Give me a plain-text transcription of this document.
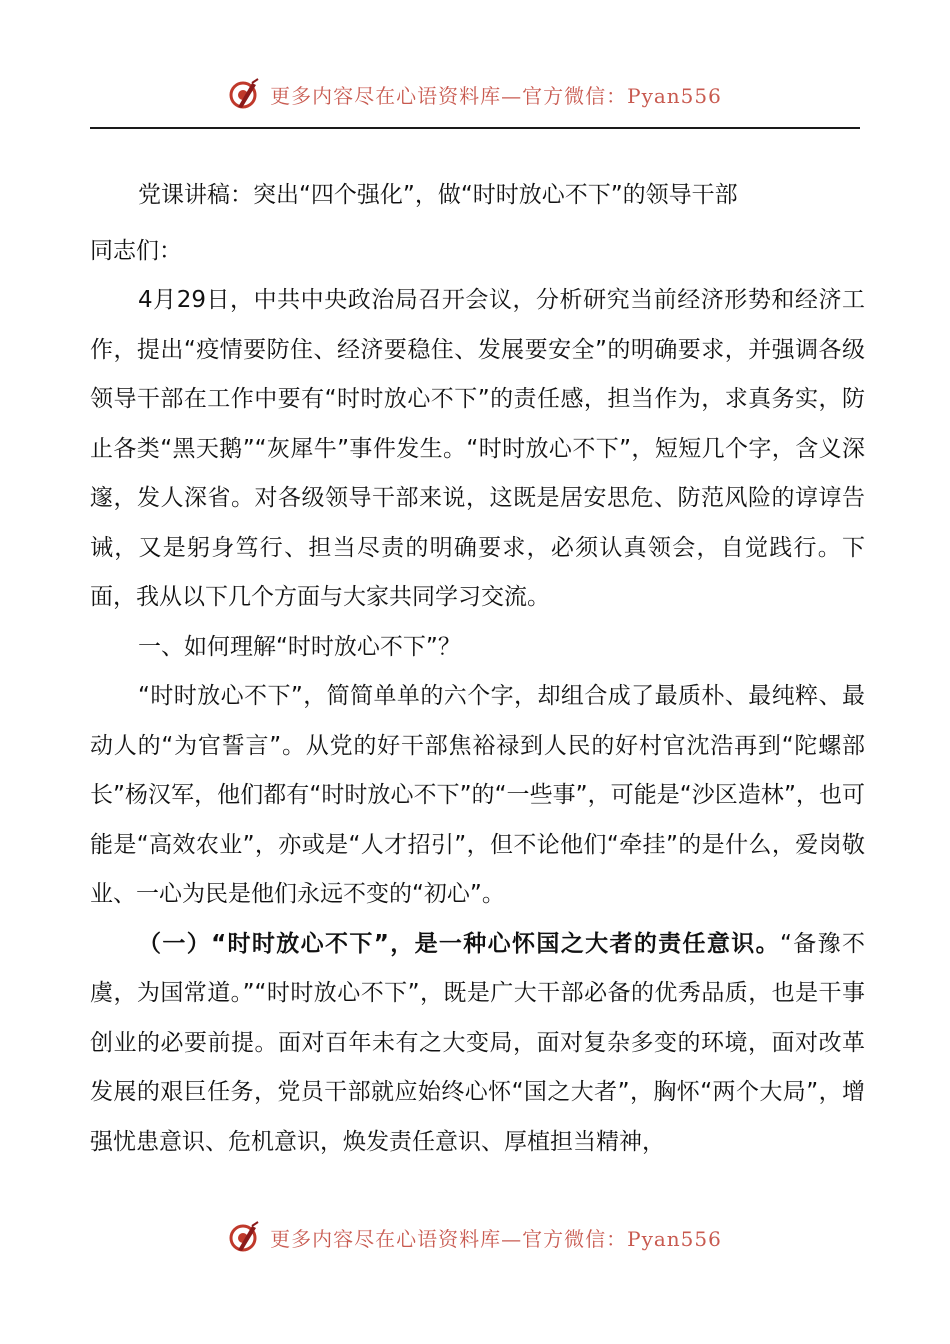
更多内容尽在心语资料库—官方微信：Pyan556

党课讲稿：突出“四个强化”，做“时时放心不下”的领导干部

同志们：

4月29日，中共中央政治局召开会议，分析研究当前经济形势和经济工作，提出“疫情要防住、经济要稳住、发展要安全”的明确要求，并强调各级领导干部在工作中要有“时时放心不下”的责任感，担当作为，求真务实，防止各类“黑天鹅”“灰犀牛”事件发生。“时时放心不下”，短短几个字，含义深邃，发人深省。对各级领导干部来说，这既是居安思危、防范风险的谆谆告诫，又是躬身笃行、担当尽责的明确要求，必须认真领会，自觉践行。下面，我从以下几个方面与大家共同学习交流。

一、如何理解“时时放心不下”？

“时时放心不下”，简简单单的六个字，却组合成了最质朴、最纯粹、最动人的“为官誓言”。从党的好干部焦裕禄到人民的好村官沈浩再到“陀螺部长”杨汉军，他们都有“时时放心不下”的“一些事”，可能是“沙区造林”，也可能是“高效农业”，亦或是“人才招引”，但不论他们“牵挂”的是什么，爱岗敬业、一心为民是他们永远不变的“初心”。

（一）“时时放心不下”，是一种心怀国之大者的责任意识。“备豫不虞，为国常道。”“时时放心不下”，既是广大干部必备的优秀品质，也是干事创业的必要前提。面对百年未有之大变局，面对复杂多变的环境，面对改革发展的艰巨任务，党员干部就应始终心怀“国之大者”，胸怀“两个大局”，增强忧患意识、危机意识，焕发责任意识、厚植担当精神，

更多内容尽在心语资料库—官方微信：Pyan556
